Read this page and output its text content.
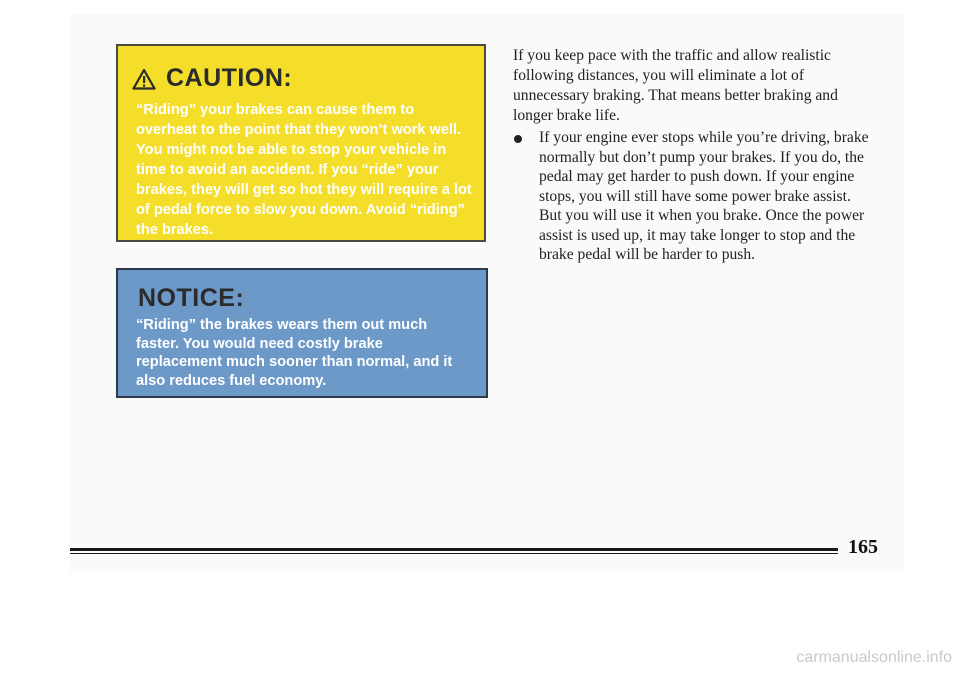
CAUTION:
“Riding” your brakes can cause them to
overheat to the point that they won’t work well.
You might not be able to stop your vehicle in
time to avoid an accident. If you “ride” your
brakes, they will get so hot they will require a lot
of pedal force to slow you down. Avoid “riding”
the brakes.
NOTICE:
“Riding” the brakes wears them out much
faster. You would need costly brake
replacement much sooner than normal, and it
also reduces fuel economy.
If you keep pace with the traffic and allow realistic
following distances, you will eliminate a lot of
unnecessary braking. That means better braking and
longer brake life.
If your engine ever stops while you’re driving, brake
normally but don’t pump your brakes. If you do, the
pedal may get harder to push down. If your engine
stops, you will still have some power brake assist.
But you will use it when you brake. Once the power
assist is used up, it may take longer to stop and the
brake pedal will be harder to push.
165
carmanualsonline.info
